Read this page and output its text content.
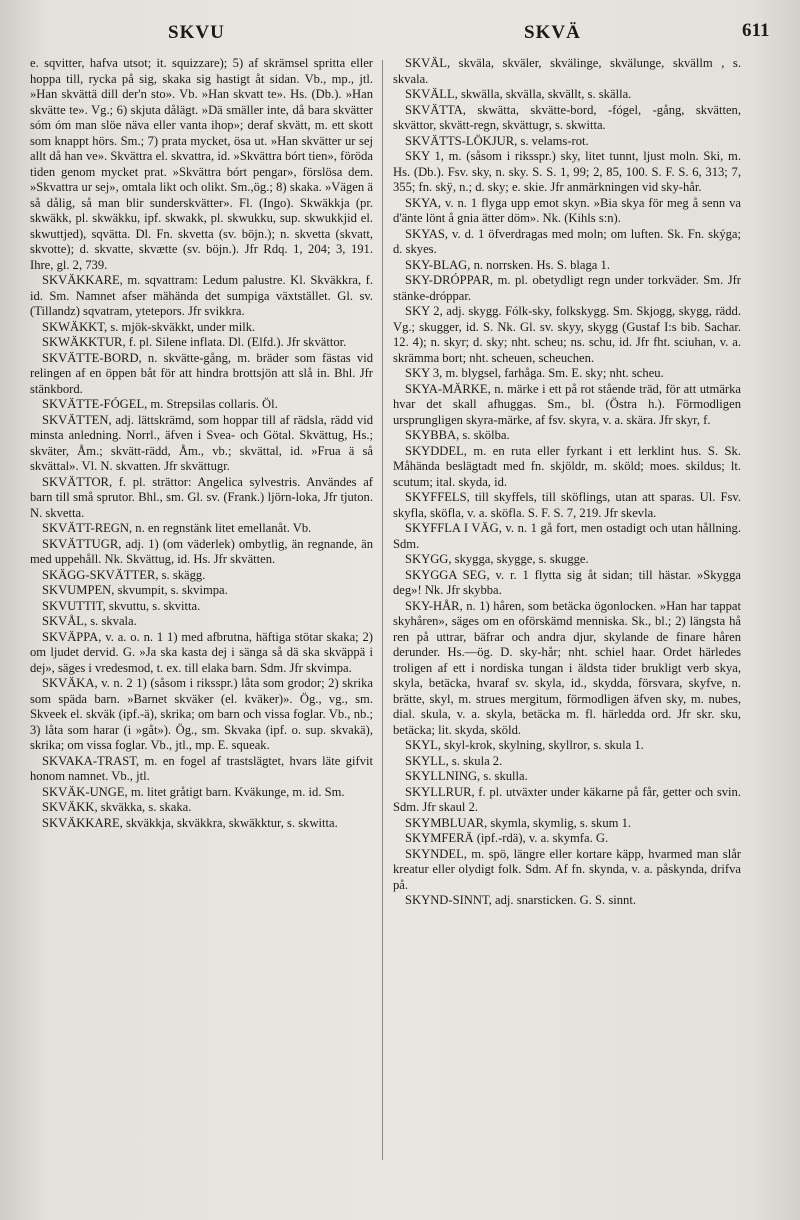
SKVU	SKVÄ	611

e. sqvitter, hafva utsot; it. squizzare); 5) af skrämsel spritta eller hoppa till, rycka på sig, skaka sig hastigt åt sidan. Vb., mp., jtl. »Han skvättä dill der'n sto». Vb. »Han skvatt te». Hs. (Db.). »Han skvätte te». Vg.; 6) skjuta dålägt. »Dä smäller inte, då bara skvätter sóm óm man slöe näva eller vanta ihop»; deraf skvätt, m. ett skott som knappt hörs. Sm.; 7) prata mycket, ösa ut. »Han skvätter ur sej allt då han ve». Skvättra el. skvattra, id. »Skvättra bórt tien», föröda tiden genom mycket prat. »Skvättra bórt pengar», förslösa dem. »Skvattra ur sej», omtala likt och olikt. Sm.,ög.; 8) skaka. »Vägen ä så dålig, så man blir sunderskvätter». Fl. (Ingo). Skwäkkja (pr. skwäkk, pl. skwäkku, ipf. skwakk, pl. skwukku, sup. skwukkjid el. skwuttjed), sqvätta. Dl. Fn. skvetta (sv. böjn.); n. skvetta (skvatt, skvotte); d. skvatte, skvætte (sv. böjn.). Jfr Rdq. 1, 204; 3, 191. Ihre, gl. 2, 739.

SKVÄKKARE, m. sqvattram: Ledum palustre. Kl. Skväkkra, f. id. Sm. Namnet afser mähända det sumpiga växtstället. Gl. sv. (Tillandz) sqvatram, ytetepors. Jfr svikkra.

SKWÄKKT, s. mjök-skväkkt, under milk.

SKWÄKKTUR, f. pl. Silene inflata. Dl. (Elfd.). Jfr skvättor.

SKVÄTTE-BORD, n. skvätte-gång, m. bräder som fästas vid relingen af en öppen båt för att hindra brottsjön att slå in. Bhl. Jfr stänkbord.

SKVÄTTE-FÓGEL, m. Strepsilas collaris. Öl.

SKVÄTTEN, adj. lättskrämd, som hoppar till af rädsla, rädd vid minsta anledning. Norrl., äfven i Svea- och Götal. Skvättug, Hs.; skväter, Åm.; skvätt-rädd, Åm., vb.; skvättal, id. »Frua ä så skvättal». Vl. N. skvatten. Jfr skvättugr.

SKVÄTTOR, f. pl. strättor: Angelica sylvestris. Användes af barn till små sprutor. Bhl., sm. Gl. sv. (Frank.) ljörn-loka, Jfr tjuton. N. skvetta.

SKVÄTT-REGN, n. en regnstänk litet emellanåt. Vb.

SKVÄTTUGR, adj. 1) (om väderlek) ombytlig, än regnande, än med uppehåll. Nk. Skvättug, id. Hs. Jfr skvätten.

SKÄGG-SKVÄTTER, s. skägg.

SKVUMPEN, skvumpit, s. skvimpa.

SKVUTTIT, skvuttu, s. skvitta.

SKVÅL, s. skvala.

SKVÄPPA, v. a. o. n. 1 1) med afbrutna, häftiga stötar skaka; 2) om ljudet dervid. G. »Ja ska kasta dej i sänga så dä ska skväppä i dej», säges i vredesmod, t. ex. till elaka barn. Sdm. Jfr skvimpa.

SKVÄKA, v. n. 2 1) (såsom i riksspr.) låta som grodor; 2) skrika som späda barn. »Barnet skväker (el. kväker)». Ög., vg., sm. Skveek el. skväk (ipf.-ä), skrika; om barn och vissa foglar. Vb., nb.; 3) låta som harar (i »gåt»). Ög., sm. Skvaka (ipf. o. sup. skvakä), skrika; om vissa foglar. Vb., jtl., mp. E. squeak.

SKVAKA-TRAST, m. en fogel af trastslägtet, hvars läte gifvit honom namnet. Vb., jtl.

SKVÄK-UNGE, m. litet gråtigt barn. Kväkunge, m. id. Sm.

SKVÄKK, skväkka, s. skaka.

SKVÄKKARE, skväkkja, skväkkra, skwäkktur, s. skwitta.

SKVÄL, skväla, skväler, skvälinge, skvälunge, skvällm , s. skvala.

SKVÄLL, skwälla, skvälla, skvällt, s. skälla.

SKVÄTTA, skwätta, skvätte-bord, -fógel, -gång, skvätten, skvättor, skvätt-regn, skvättugr, s. skwitta.

SKVÄTTS-LÖKJUR, s. velams-rot.

SKY 1, m. (såsom i riksspr.) sky, litet tunnt, ljust moln. Ski, m. Hs. (Db.). Fsv. sky, n. sky. S. S. 1, 99; 2, 85, 100. S. F. S. 6, 313; 7, 355; fn. skÿ, n.; d. sky; e. skie. Jfr anmärkningen vid sky-hår.

SKYA, v. n. 1 flyga upp emot skyn. »Bia skya för meg å senn va d'änte lönt å gnia ätter döm». Nk. (Kihls s:n).

SKYAS, v. d. 1 öfverdragas med moln; om luften. Sk. Fn. skýga; d. skyes.

SKY-BLAG, n. norrsken. Hs. S. blaga 1.

SKY-DRÓPPAR, m. pl. obetydligt regn under torkväder. Sm. Jfr stänke-dróppar.

SKY 2, adj. skygg. Fólk-sky, folkskygg. Sm. Skjogg, skygg, rädd. Vg.; skugger, id. S. Nk. Gl. sv. skyy, skygg (Gustaf I:s bib. Sachar. 12. 4); n. skyr; d. sky; nht. scheu; ns. schu, id. Jfr fht. sciuhan, v. a. skrämma bort; nht. scheuen, scheuchen.

SKY 3, m. blygsel, farhåga. Sm. E. sky; nht. scheu.

SKYA-MÄRKE, n. märke i ett på rot stående träd, för att utmärka hvar det skall afhuggas. Sm., bl. (Östra h.). Förmodligen ursprungligen skyra-märke, af fsv. skyra, v. a. skära. Jfr skyr, f.

SKYBBA, s. skölba.

SKYDDEL, m. en ruta eller fyrkant i ett lerklint hus. S. Sk. Måhända beslägtadt med fn. skjöldr, m. sköld; moes. skildus; lt. scutum; ital. skyda, id.

SKYFFELS, till skyffels, till sköflings, utan att sparas. Ul. Fsv. skyfla, sköfla, v. a. sköfla. S. F. S. 7, 219. Jfr skevla.

SKYFFLA I VÄG, v. n. 1 gå fort, men ostadigt och utan hållning. Sdm.

SKYGG, skygga, skygge, s. skugge.

SKYGGA SEG, v. r. 1 flytta sig åt sidan; till hästar. »Skygga deg»! Nk. Jfr skybba.

SKY-HÅR, n. 1) håren, som betäcka ögonlocken. »Han har tappat skyhåren», säges om en oförskämd menniska. Sk., bl.; 2) längsta hå ren på uttrar, bäfrar och andra djur, skylande de finare håren derunder. Hs.—ög. D. sky-hår; nht. schiel haar. Ordet härledes troligen af ett i nordiska tungan i äldsta tider brukligt verb skya, skyla, betäcka, hvaraf sv. skyla, id., skydda, försvara, skyfve, n. brätte, skyl, m. strues mergitum, förmodligen äfven sky, m. nubes, dial. skula, v. a. skyla, betäcka m. fl. härledda ord. Jfr skr. sku, betäcka; lit. skyda, sköld.

SKYL, skyl-krok, skylning, skyllror, s. skula 1.

SKYLL, s. skula 2.

SKYLLNING, s. skulla.

SKYLLRUR, f. pl. utväxter under käkarne på får, getter och svin. Sdm. Jfr skaul 2.

SKYMBLUAR, skymla, skymlig, s. skum 1.

SKYMFERÄ (ipf.-rdä), v. a. skymfa. G.

SKYNDEL, m. spö, längre eller kortare käpp, hvarmed man slår kreatur eller olydigt folk. Sdm. Af fn. skynda, v. a. påskynda, drifva på.

SKYND-SINNT, adj. snarsticken. G. S. sinnt.
